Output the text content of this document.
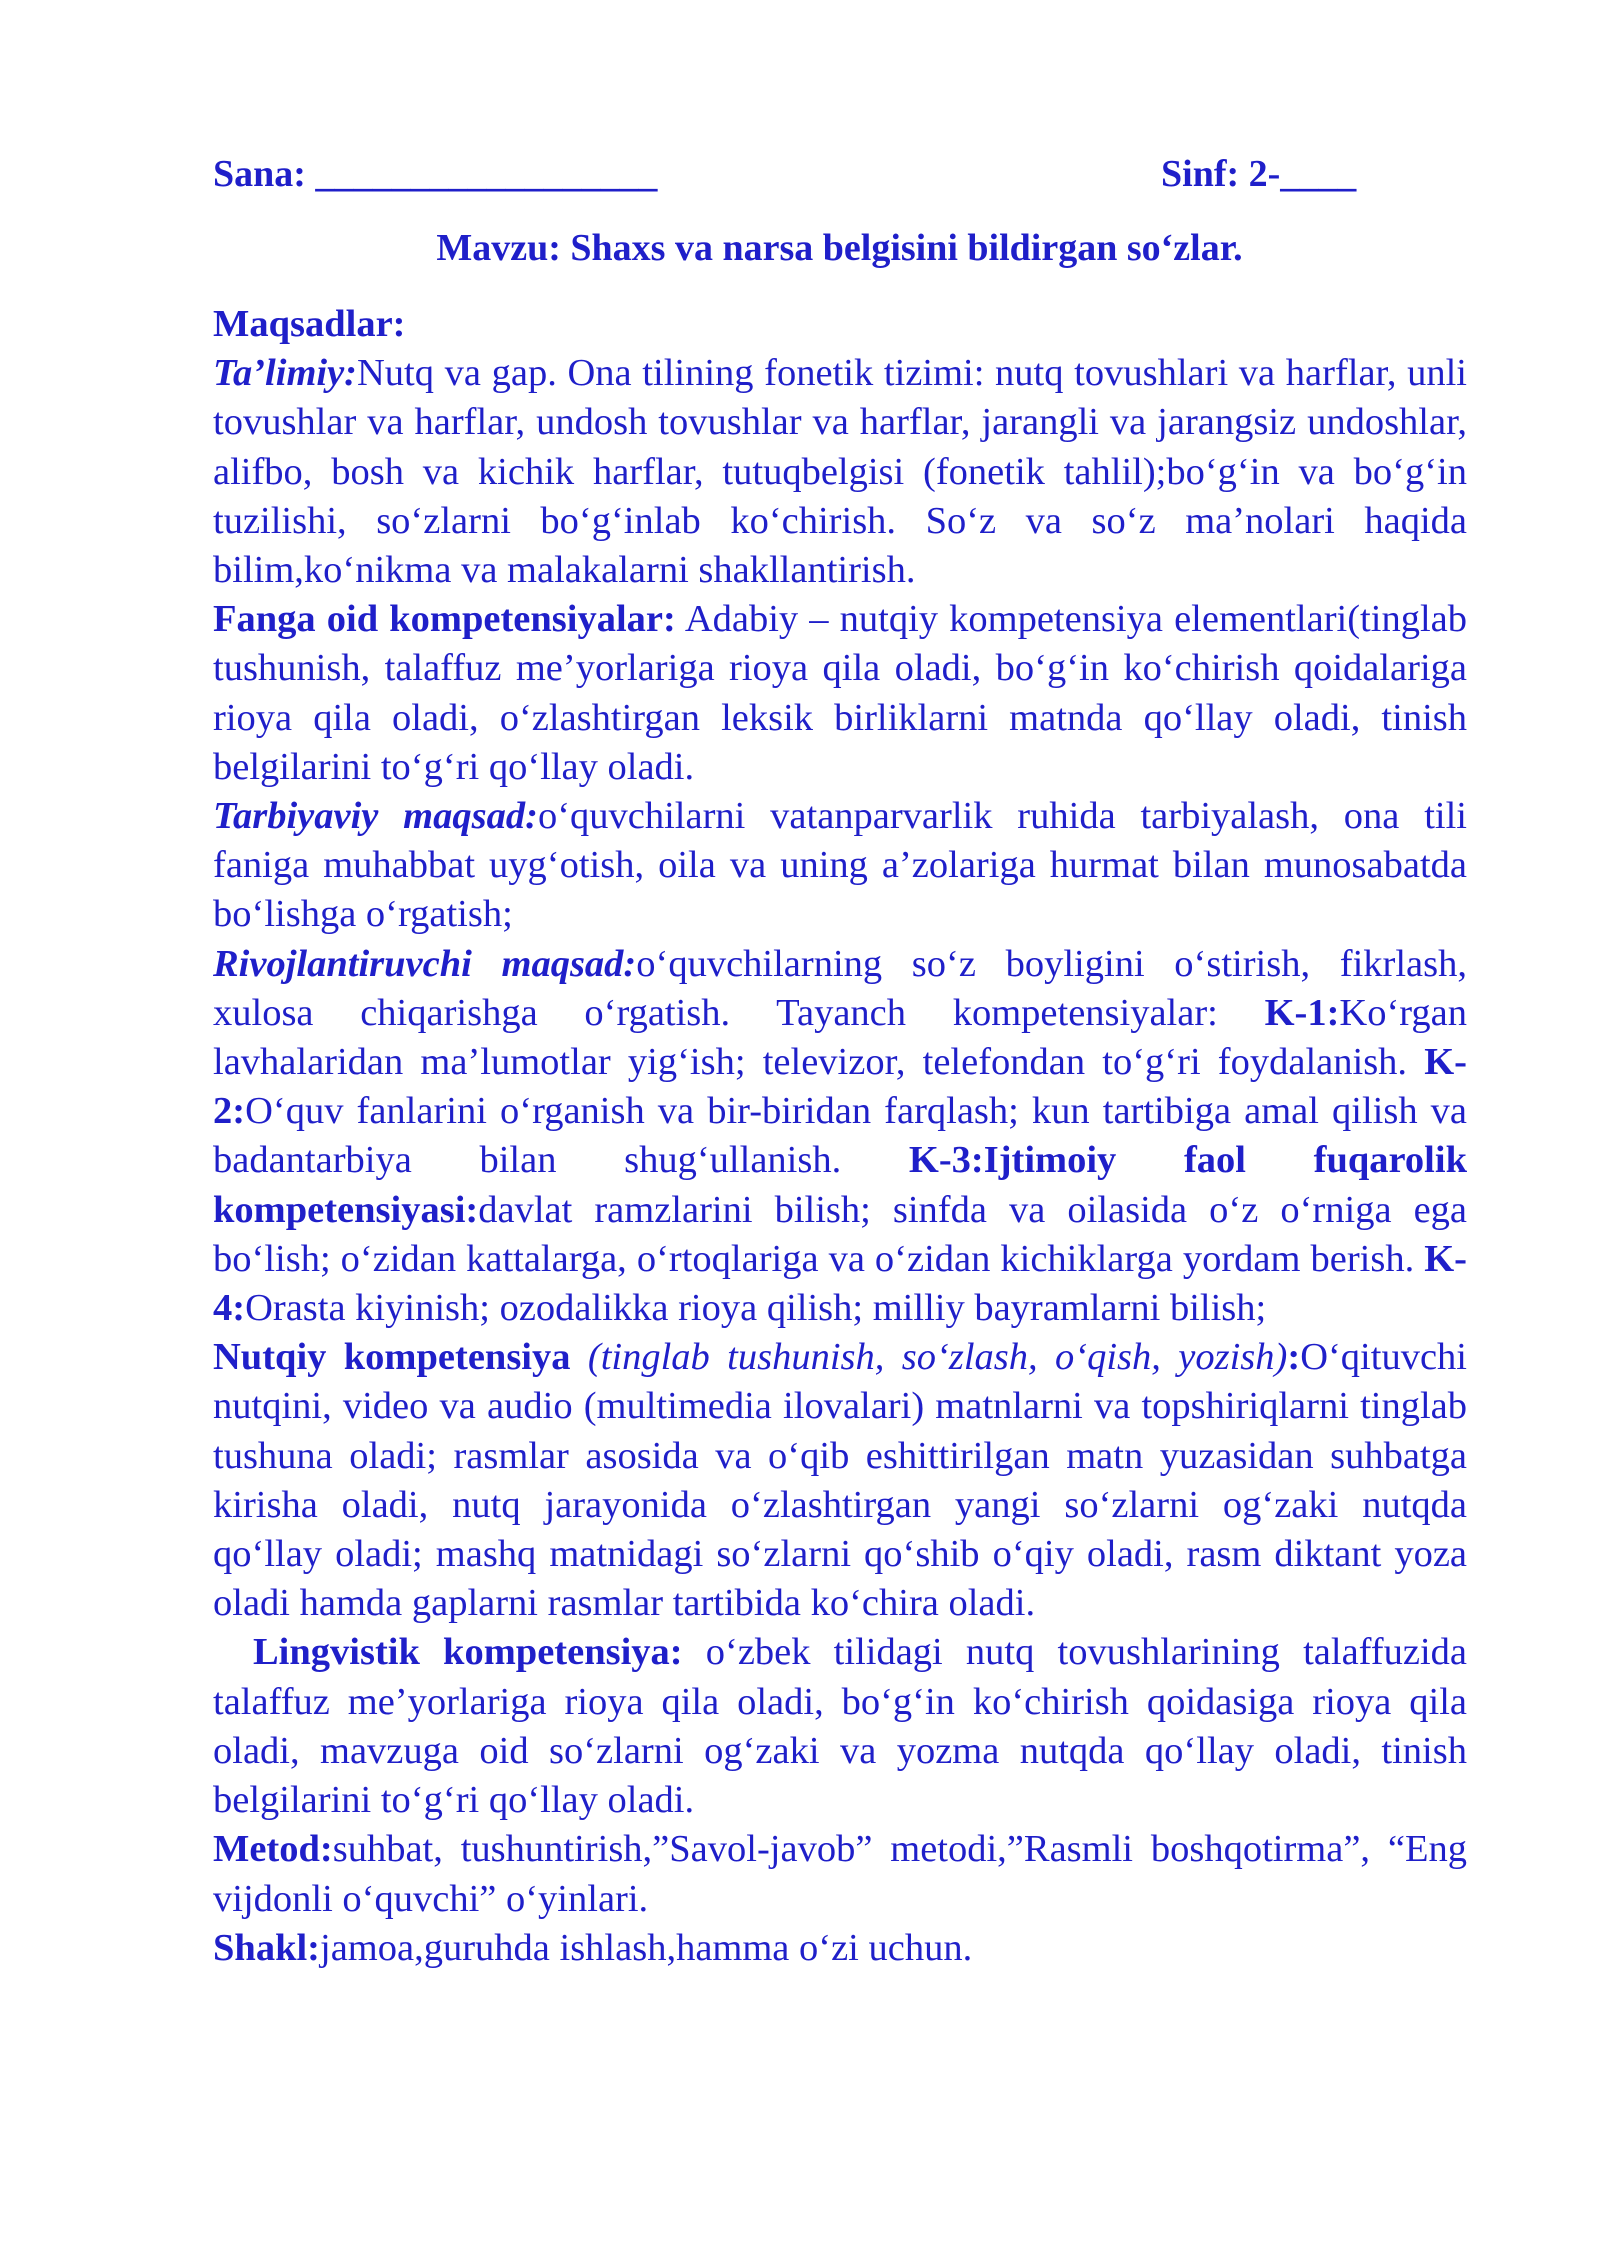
Sana: __________________	Sinf: 2-____
Mavzu: Shaxs va narsa belgisini bildirgan so‘zlar.

Maqsadlar:

Ta’limiy:Nutq va gap. Ona tilining fonetik tizimi: nutq tovushlari va harflar, unli tovushlar va harflar, undosh tovushlar va harflar, jarangli va jarangsiz undoshlar, alifbo, bosh va kichik harflar, tutuqbelgisi (fonetik tahlil);bo‘g‘in va bo‘g‘in tuzilishi, so‘zlarni bo‘g‘inlab ko‘chirish. So‘z va so‘z ma’nolari haqida bilim,ko‘nikma va malakalarni shakllantirish.

Fanga oid kompetensiyalar: Adabiy – nutqiy kompetensiya elementlari(tinglab tushunish, talaffuz me’yorlariga rioya qila oladi, bo‘g‘in ko‘chirish qoidalariga rioya qila oladi, o‘zlashtirgan leksik birliklarni matnda qo‘llay oladi, tinish belgilarini to‘g‘ri qo‘llay oladi.

Tarbiyaviy maqsad:o‘quvchilarni vatanparvarlik ruhida tarbiyalash, ona tili faniga muhabbat uyg‘otish, oila va uning a’zolariga hurmat bilan munosabatda bo‘lishga o‘rgatish;

Rivojlantiruvchi maqsad:o‘quvchilarning so‘z boyligini o‘stirish, fikrlash, xulosa chiqarishga o‘rgatish. Tayanch kompetensiyalar: K-1:Ko‘rgan lavhalaridan ma’lumotlar yig‘ish; televizor, telefondan to‘g‘ri foydalanish. K-2:O‘quv fanlarini o‘rganish va bir-biridan farqlash; kun tartibiga amal qilish va badantarbiya bilan shug‘ullanish. K-3:Ijtimoiy faol fuqarolik kompetensiyasi:davlat ramzlarini bilish; sinfda va oilasida o‘z o‘rniga ega bo‘lish; o‘zidan kattalarga, o‘rtoqlariga va o‘zidan kichiklarga yordam berish. K-4:Orasta kiyinish; ozodalikka rioya qilish; milliy bayramlarni bilish;

Nutqiy kompetensiya (tinglab tushunish, so‘zlash, o‘qish, yozish):O‘qituvchi nutqini, video va audio (multimedia ilovalari) matnlarni va topshiriqlarni tinglab tushuna oladi; rasmlar asosida va o‘qib eshittirilgan matn yuzasidan suhbatga kirisha oladi, nutq jarayonida o‘zlashtirgan yangi so‘zlarni og‘zaki nutqda qo‘llay oladi; mashq matnidagi so‘zlarni qo‘shib o‘qiy oladi, rasm diktant yoza oladi hamda gaplarni rasmlar tartibida ko‘chira oladi.

Lingvistik kompetensiya: o‘zbek tilidagi nutq tovushlarining talaffuzida talaffuz me’yorlariga rioya qila oladi, bo‘g‘in ko‘chirish qoidasiga rioya qila oladi, mavzuga oid so‘zlarni og‘zaki va yozma nutqda qo‘llay oladi, tinish belgilarini to‘g‘ri qo‘llay oladi.

Metod:suhbat, tushuntirish,”Savol-javob” metodi,”Rasmli boshqotirma”, “Eng vijdonli o‘quvchi” o‘yinlari.

Shakl:jamoa,guruhda ishlash,hamma o‘zi uchun.
